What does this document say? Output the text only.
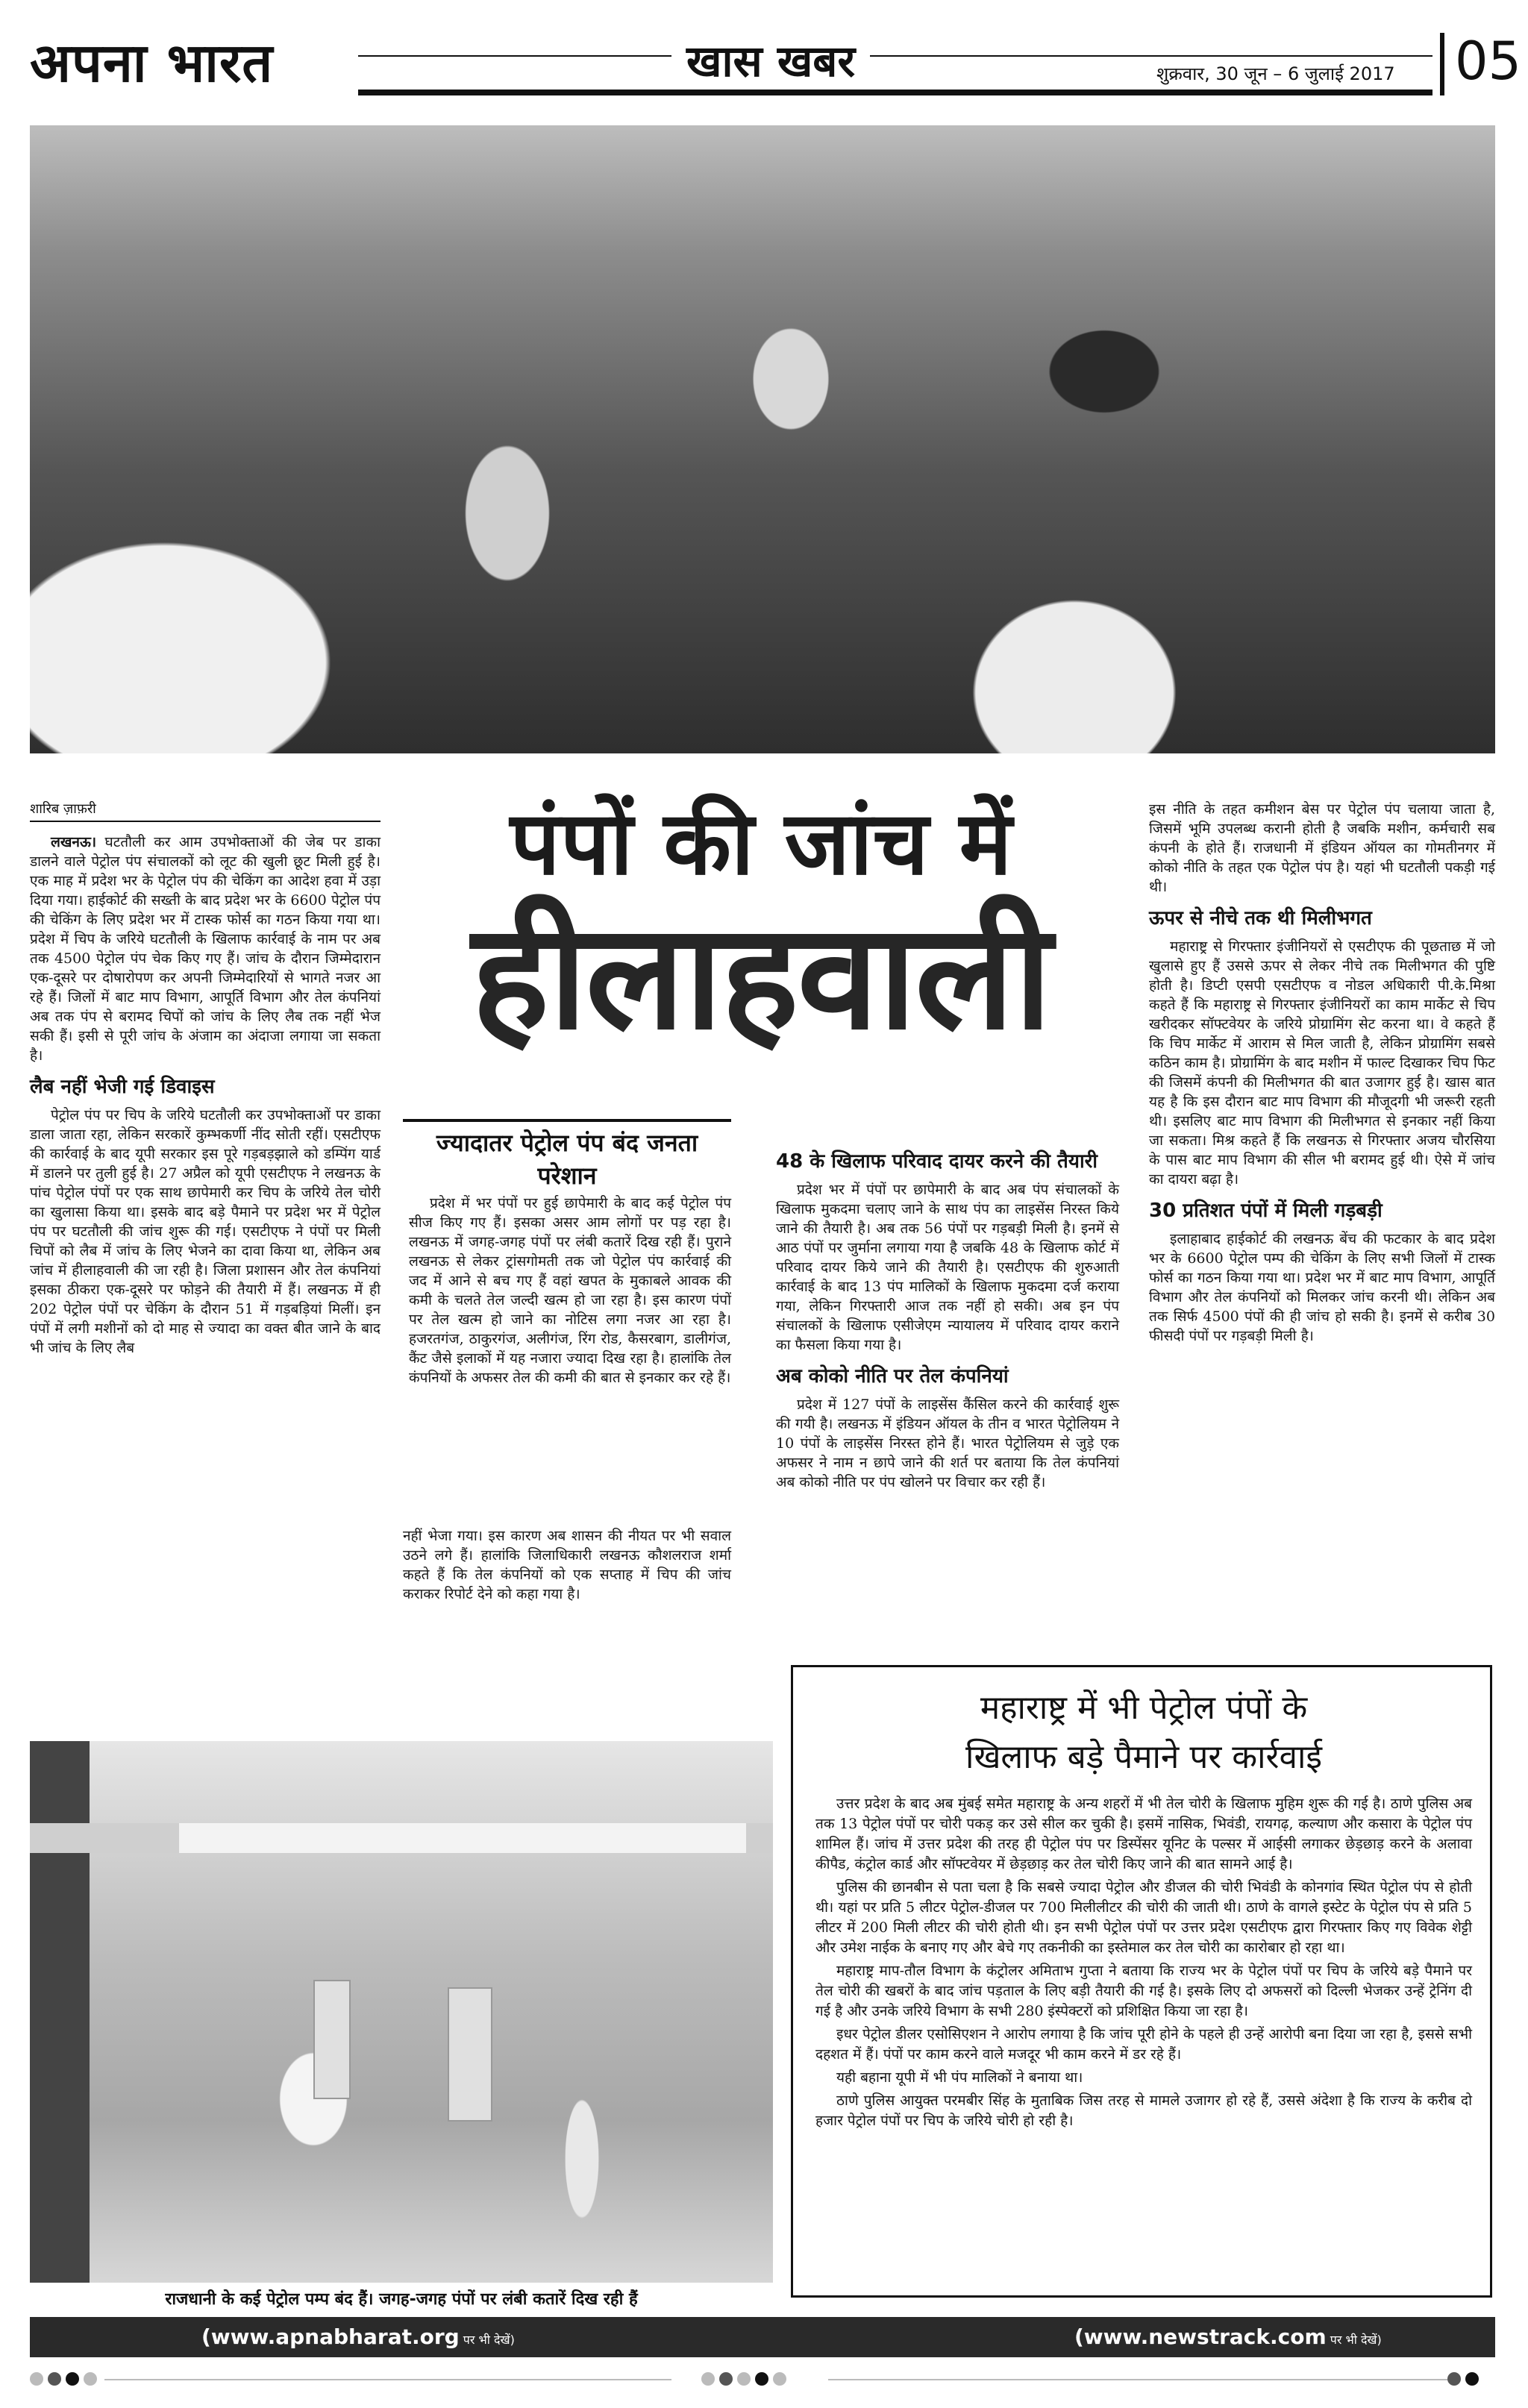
अपना भारत	खास खबर	शुक्रवार, 30 जून – 6 जुलाई 2017 05
शारिब ज़ाफ़री

लखनऊ। घटतौली कर आम उपभोक्ताओं की जेब पर डाका डालने वाले पेट्रोल पंप संचालकों को लूट की खुली छूट मिली हुई है। एक माह में प्रदेश भर के पेट्रोल पंप की चेकिंग का आदेश हवा में उड़ा दिया गया। हाईकोर्ट की सख्ती के बाद प्रदेश भर के 6600 पेट्रोल पंप की चेकिंग के लिए प्रदेश भर में टास्क फोर्स का गठन किया गया था। प्रदेश में चिप के जरिये घटतौली के खिलाफ कार्रवाई के नाम पर अब तक 4500 पेट्रोल पंप चेक किए गए हैं। जांच के दौरान जिम्मेदारान एक-दूसरे पर दोषारोपण कर अपनी जिम्मेदारियों से भागते नजर आ रहे हैं। जिलों में बाट माप विभाग, आपूर्ति विभाग और तेल कंपनियां अब तक पंप से बरामद चिपों को जांच के लिए लैब तक नहीं भेज सकी हैं। इसी से पूरी जांच के अंजाम का अंदाजा लगाया जा सकता है।

लैब नहीं भेजी गई डिवाइस

पेट्रोल पंप पर चिप के जरिये घटतौली कर उपभोक्ताओं पर डाका डाला जाता रहा, लेकिन सरकारें कुम्भकर्णी नींद सोती रहीं। एसटीएफ की कार्रवाई के बाद यूपी सरकार इस पूरे गड़बड़झाले को डम्पिंग यार्ड में डालने पर तुली हुई है। 27 अप्रैल को यूपी एसटीएफ ने लखनऊ के पांच पेट्रोल पंपों पर एक साथ छापेमारी कर चिप के जरिये तेल चोरी का खुलासा किया था। इसके बाद बड़े पैमाने पर प्रदेश भर में पेट्रोल पंप पर घटतौली की जांच शुरू की गई। एसटीएफ ने पंपों पर मिली चिपों को लैब में जांच के लिए भेजने का दावा किया था, लेकिन अब जांच में हीलाहवाली की जा रही है। जिला प्रशासन और तेल कंपनियां इसका ठीकरा एक-दूसरे पर फोड़ने की तैयारी में हैं। लखनऊ में ही 202 पेट्रोल पंपों पर चेकिंग के दौरान 51 में गड़बड़ियां मिलीं। इन पंपों में लगी मशीनों को दो माह से ज्यादा का वक्त बीत जाने के बाद भी जांच के लिए लैब

पंपों की जांच में
हीलाहवाली
ज्यादातर पेट्रोल पंप बंद जनता परेशान

प्रदेश में भर पंपों पर हुई छापेमारी के बाद कई पेट्रोल पंप सीज किए गए हैं। इसका असर आम लोगों पर पड़ रहा है। लखनऊ में जगह-जगह पंपों पर लंबी कतारें दिख रही हैं। पुराने लखनऊ से लेकर ट्रांसगोमती तक जो पेट्रोल पंप कार्रवाई की जद में आने से बच गए हैं वहां खपत के मुकाबले आवक की कमी के चलते तेल जल्दी खत्म हो जा रहा है। इस कारण पंपों पर तेल खत्म हो जाने का नोटिस लगा नजर आ रहा है। हजरतगंज, ठाकुरगंज, अलीगंज, रिंग रोड, कैसरबाग, डालीगंज, कैंट जैसे इलाकों में यह नजारा ज्यादा दिख रहा है। हालांकि तेल कंपनियों के अफसर तेल की कमी की बात से इनकार कर रहे हैं।

नहीं भेजा गया। इस कारण अब शासन की नीयत पर भी सवाल उठने लगे हैं। हालांकि जिलाधिकारी लखनऊ कौशलराज शर्मा कहते हैं कि तेल कंपनियों को एक सप्ताह में चिप की जांच कराकर रिपोर्ट देने को कहा गया है।

48 के खिलाफ परिवाद दायर करने की तैयारी

प्रदेश भर में पंपों पर छापेमारी के बाद अब पंप संचालकों के खिलाफ मुकदमा चलाए जाने के साथ पंप का लाइसेंस निरस्त किये जाने की तैयारी है। अब तक 56 पंपों पर गड़बड़ी मिली है। इनमें से आठ पंपों पर जुर्माना लगाया गया है जबकि 48 के खिलाफ कोर्ट में परिवाद दायर किये जाने की तैयारी है। एसटीएफ की शुरुआती कार्रवाई के बाद 13 पंप मालिकों के खिलाफ मुकदमा दर्ज कराया गया, लेकिन गिरफ्तारी आज तक नहीं हो सकी। अब इन पंप संचालकों के खिलाफ एसीजेएम न्यायालय में परिवाद दायर कराने का फैसला किया गया है।

अब कोको नीति पर तेल कंपनियां

प्रदेश में 127 पंपों के लाइसेंस कैंसिल करने की कार्रवाई शुरू की गयी है। लखनऊ में इंडियन ऑयल के तीन व भारत पेट्रोलियम ने 10 पंपों के लाइसेंस निरस्त होने हैं। भारत पेट्रोलियम से जुड़े एक अफसर ने नाम न छापे जाने की शर्त पर बताया कि तेल कंपनियां अब कोको नीति पर पंप खोलने पर विचार कर रही हैं।

इस नीति के तहत कमीशन बेस पर पेट्रोल पंप चलाया जाता है, जिसमें भूमि उपलब्ध करानी होती है जबकि मशीन, कर्मचारी सब कंपनी के होते हैं। राजधानी में इंडियन ऑयल का गोमतीनगर में कोको नीति के तहत एक पेट्रोल पंप है। यहां भी घटतौली पकड़ी गई थी।

ऊपर से नीचे तक थी मिलीभगत

महाराष्ट्र से गिरफ्तार इंजीनियरों से एसटीएफ की पूछताछ में जो खुलासे हुए हैं उससे ऊपर से लेकर नीचे तक मिलीभगत की पुष्टि होती है। डिप्टी एसपी एसटीएफ व नोडल अधिकारी पी.के.मिश्रा कहते हैं कि महाराष्ट्र से गिरफ्तार इंजीनियरों का काम मार्केट से चिप खरीदकर सॉफ्टवेयर के जरिये प्रोग्रामिंग सेट करना था। वे कहते हैं कि चिप मार्केट में आराम से मिल जाती है, लेकिन प्रोग्रामिंग सबसे कठिन काम है। प्रोग्रामिंग के बाद मशीन में फाल्ट दिखाकर चिप फिट की जिसमें कंपनी की मिलीभगत की बात उजागर हुई है। खास बात यह है कि इस दौरान बाट माप विभाग की मौजूदगी भी जरूरी रहती थी। इसलिए बाट माप विभाग की मिलीभगत से इनकार नहीं किया जा सकता। मिश्र कहते हैं कि लखनऊ से गिरफ्तार अजय चौरसिया के पास बाट माप विभाग की सील भी बरामद हुई थी। ऐसे में जांच का दायरा बढ़ा है।

30 प्रतिशत पंपों में मिली गड़बड़ी

इलाहाबाद हाईकोर्ट की लखनऊ बेंच की फटकार के बाद प्रदेश भर के 6600 पेट्रोल पम्प की चेकिंग के लिए सभी जिलों में टास्क फोर्स का गठन किया गया था। प्रदेश भर में बाट माप विभाग, आपूर्ति विभाग और तेल कंपनियों को मिलकर जांच करनी थी। लेकिन अब तक सिर्फ 4500 पंपों की ही जांच हो सकी है। इनमें से करीब 30 फीसदी पंपों पर गड़बड़ी मिली है।

राजधानी के कई पेट्रोल पम्प बंद हैं। जगह-जगह पंपों पर लंबी कतारें दिख रही हैं
महाराष्ट्र में भी पेट्रोल पंपों के
खिलाफ बड़े पैमाने पर कार्रवाई

उत्तर प्रदेश के बाद अब मुंबई समेत महाराष्ट्र के अन्य शहरों में भी तेल चोरी के खिलाफ मुहिम शुरू की गई है। ठाणे पुलिस अब तक 13 पेट्रोल पंपों पर चोरी पकड़ कर उसे सील कर चुकी है। इसमें नासिक, भिवंडी, रायगढ़, कल्याण और कसारा के पेट्रोल पंप शामिल हैं। जांच में उत्तर प्रदेश की तरह ही पेट्रोल पंप पर डिस्पेंसर यूनिट के पल्सर में आईसी लगाकर छेड़छाड़ करने के अलावा कीपैड, कंट्रोल कार्ड और सॉफ्टवेयर में छेड़छाड़ कर तेल चोरी किए जाने की बात सामने आई है।

पुलिस की छानबीन से पता चला है कि सबसे ज्यादा पेट्रोल और डीजल की चोरी भिवंडी के कोनगांव स्थित पेट्रोल पंप से होती थी। यहां पर प्रति 5 लीटर पेट्रोल-डीजल पर 700 मिलीलीटर की चोरी की जाती थी। ठाणे के वागले इस्टेट के पेट्रोल पंप से प्रति 5 लीटर में 200 मिली लीटर की चोरी होती थी। इन सभी पेट्रोल पंपों पर उत्तर प्रदेश एसटीएफ द्वारा गिरफ्तार किए गए विवेक शेट्टी और उमेश नाईक के बनाए गए और बेचे गए तकनीकी का इस्तेमाल कर तेल चोरी का कारोबार हो रहा था।

महाराष्ट्र माप-तौल विभाग के कंट्रोलर अमिताभ गुप्ता ने बताया कि राज्य भर के पेट्रोल पंपों पर चिप के जरिये बड़े पैमाने पर तेल चोरी की खबरों के बाद जांच पड़ताल के लिए बड़ी तैयारी की गई है। इसके लिए दो अफसरों को दिल्ली भेजकर उन्हें ट्रेनिंग दी गई है और उनके जरिये विभाग के सभी 280 इंस्पेक्टरों को प्रशिक्षित किया जा रहा है।

इधर पेट्रोल डीलर एसोसिएशन ने आरोप लगाया है कि जांच पूरी होने के पहले ही उन्हें आरोपी बना दिया जा रहा है, इससे सभी दहशत में हैं। पंपों पर काम करने वाले मजदूर भी काम करने में डर रहे हैं।

यही बहाना यूपी में भी पंप मालिकों ने बनाया था।

ठाणे पुलिस आयुक्त परमबीर सिंह के मुताबिक जिस तरह से मामले उजागर हो रहे हैं, उससे अंदेशा है कि राज्य के करीब दो हजार पेट्रोल पंपों पर चिप के जरिये चोरी हो रही है।

(www.apnabharat.org पर भी देखें)	(www.newstrack.com पर भी देखें)
